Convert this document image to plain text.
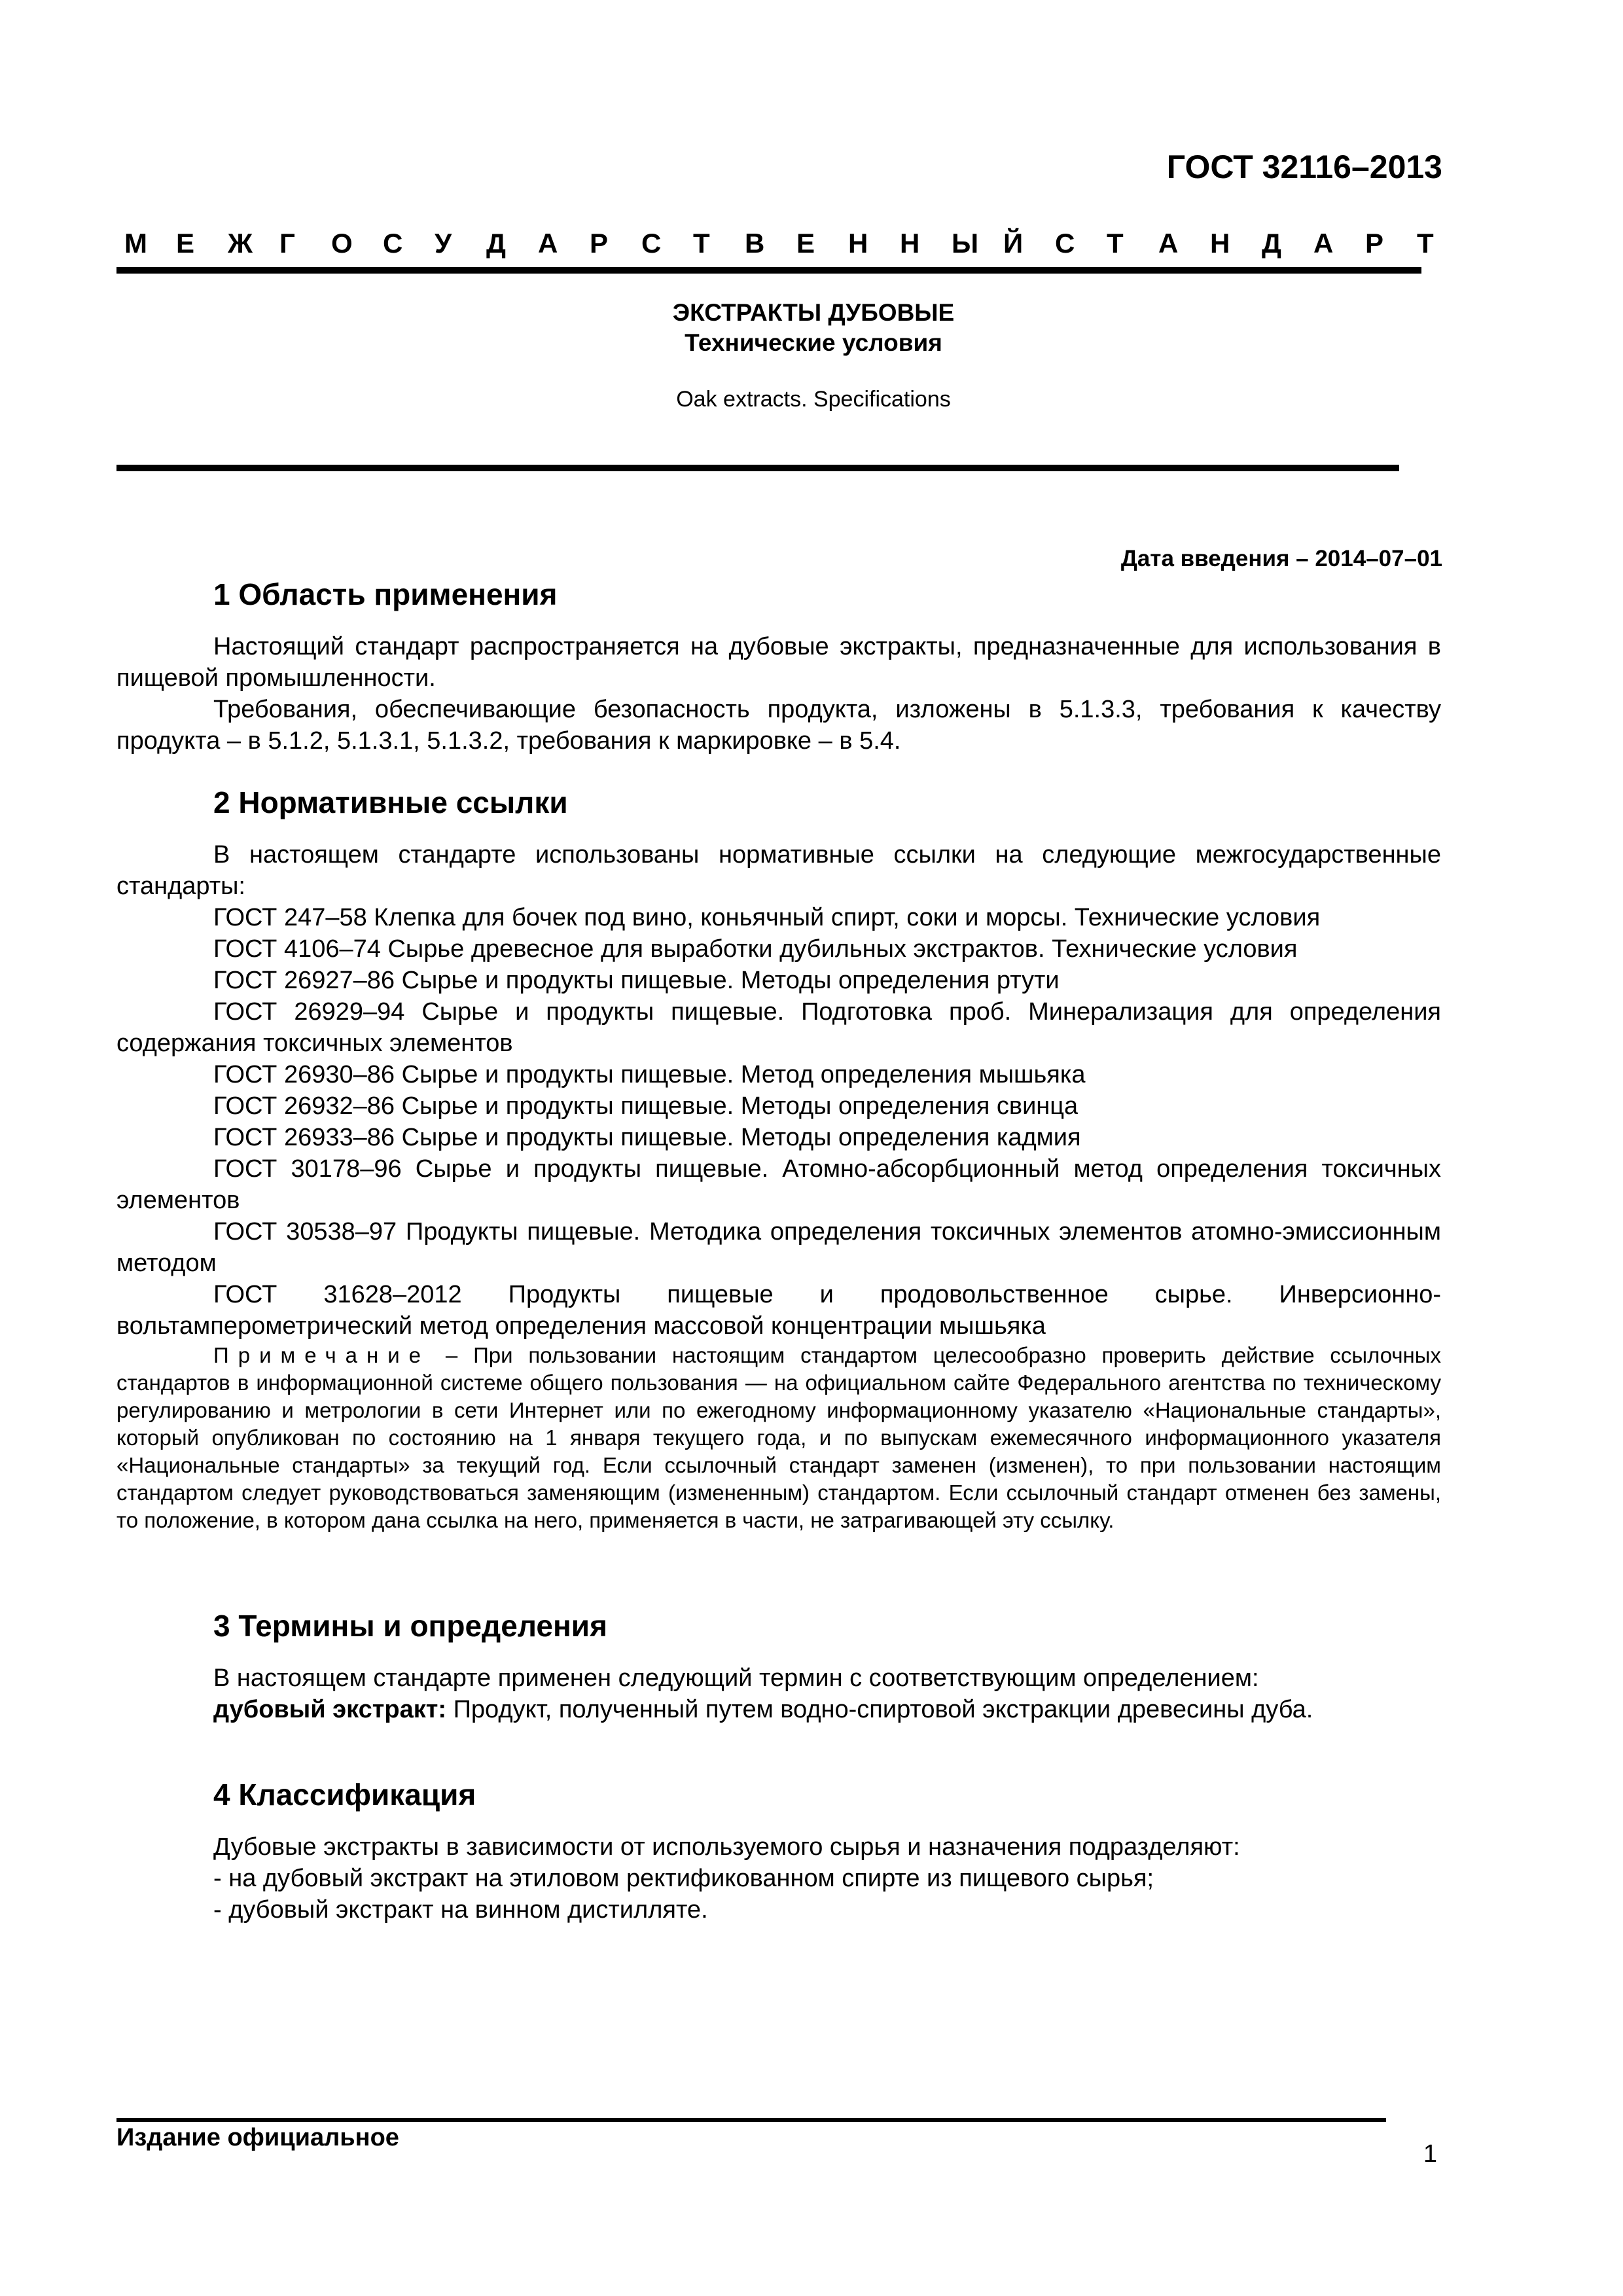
ГОСТ 32116–2013
М	Е	Ж Г	О	С	У	Д	А	Р	С	Т	В	Е	Н	Н	Ы Й	С	Т	А	Н	Д	А	Р	Т
ЭКСТРАКТЫ ДУБОВЫЕ
Технические условия
Oak extracts. Specifications
Дата введения – 2014–07–01
1 Область применения

Настоящий стандарт распространяется на дубовые экстракты, предназначенные для использования в пищевой промышленности.

Требования, обеспечивающие безопасность продукта, изложены в 5.1.3.3, требования к качеству продукта – в 5.1.2, 5.1.3.1, 5.1.3.2, требования к маркировке – в 5.4.

2 Нормативные ссылки

В настоящем стандарте использованы нормативные ссылки на следующие межгосударственные стандарты:

ГОСТ 247–58 Клепка для бочек под вино, коньячный спирт, соки и морсы. Технические условия

ГОСТ 4106–74 Сырье древесное для выработки дубильных экстрактов. Технические условия

ГОСТ 26927–86 Сырье и продукты пищевые. Методы определения ртути

ГОСТ 26929–94 Сырье и продукты пищевые. Подготовка проб. Минерализация для определения содержания токсичных элементов

ГОСТ 26930–86 Сырье и продукты пищевые. Метод определения мышьяка

ГОСТ 26932–86 Сырье и продукты пищевые. Методы определения свинца

ГОСТ 26933–86 Сырье и продукты пищевые. Методы определения кадмия

ГОСТ 30178–96 Сырье и продукты пищевые. Атомно-абсорбционный метод определения токсичных элементов

ГОСТ 30538–97 Продукты пищевые. Методика определения токсичных элементов атомно-эмиссионным методом

ГОСТ 31628–2012 Продукты пищевые и продовольственное сырье. Инверсионно-вольтамперометрический метод определения массовой концентрации мышьяка

Примечание – При пользовании настоящим стандартом целесообразно проверить действие ссылочных стандартов в информационной системе общего пользования — на официальном сайте Федерального агентства по техническому регулированию и метрологии в сети Интернет или по ежегодному информационному указателю «Национальные стандарты», который опубликован по состоянию на 1 января текущего года, и по выпускам ежемесячного информационного указателя «Национальные стандарты» за текущий год. Если ссылочный стандарт заменен (изменен), то при пользовании настоящим стандартом следует руководствоваться заменяющим (измененным) стандартом. Если ссылочный стандарт отменен без замены, то положение, в котором дана ссылка на него, применяется в части, не затрагивающей эту ссылку.

3 Термины и определения

В настоящем стандарте применен следующий термин с соответствующим определением:

дубовый экстракт: Продукт, полученный путем водно-спиртовой экстракции древесины дуба.

4 Классификация

Дубовые экстракты в зависимости от используемого сырья и назначения подразделяют:

- на дубовый экстракт на этиловом ректификованном спирте из пищевого сырья;

- дубовый экстракт на винном дистилляте.

Издание официальное
1
